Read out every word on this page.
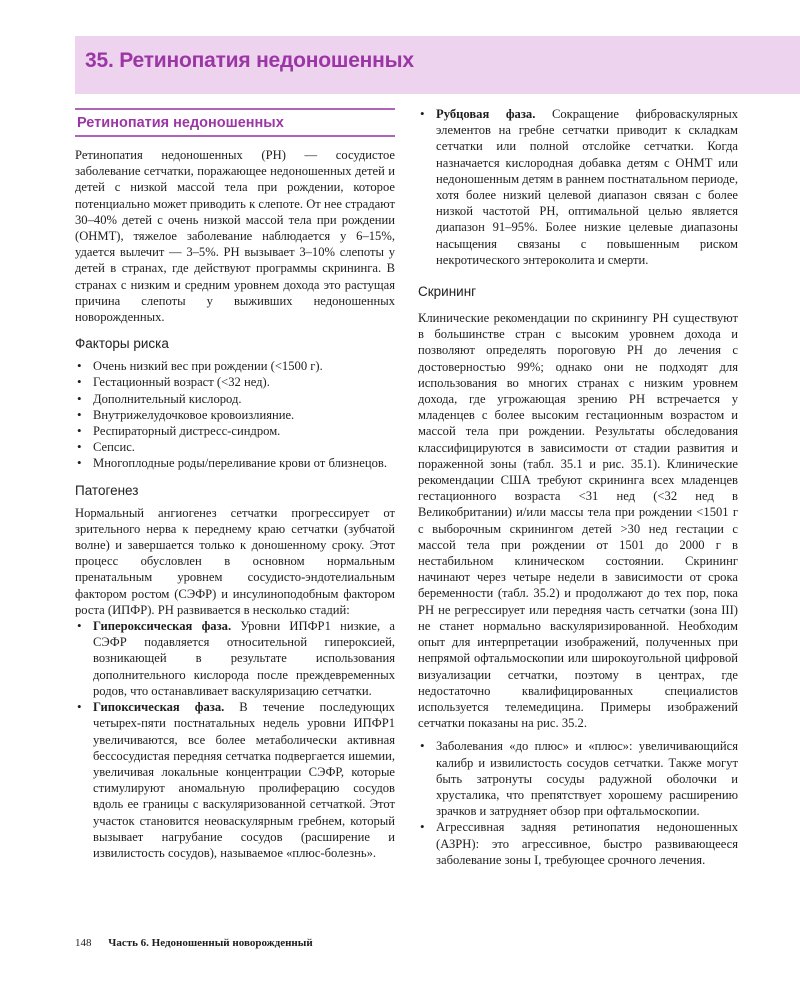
35. Ретинопатия недоношенных
Ретинопатия недоношенных

Ретинопатия недоношенных (РН) — сосудистое заболевание сетчатки, поражающее недоношенных детей и детей с низкой массой тела при рождении, которое потенциально может приводить к слепоте. От нее страдают 30–40% детей с очень низкой массой тела при рождении (ОНМТ), тяжелое заболевание наблюдается у 6–15%, удается вылечит — 3–5%. РН вызывает 3–10% слепоты у детей в странах, где действуют программы скрининга. В странах с низким и средним уровнем дохода это растущая причина слепоты у выживших недоношенных новорожденных.

Факторы риска
• Очень низкий вес при рождении (<1500 г).
• Гестационный возраст (<32 нед).
• Дополнительный кислород.
• Внутрижелудочковое кровоизлияние.
• Респираторный дистресс-синдром.
• Сепсис.
• Многоплодные роды/переливание крови от близнецов.
Патогенез

Нормальный ангиогенез сетчатки прогрессирует от зрительного нерва к переднему краю сетчатки (зубчатой волне) и завершается только к доношенному сроку. Этот процесс обусловлен в основном нормальным пренатальным уровнем сосудисто-эндотелиальным фактором ростом (СЭФР) и инсулиноподобным фактором роста (ИПФР). РН развивается в несколько стадий:

• Гипероксическая фаза. Уровни ИПФР1 низкие, а СЭФР подавляется относительной гипероксией, возникающей в результате использования дополнительного кислорода после преждевременных родов, что останавливает васкуляризацию сетчатки.
• Гипоксическая фаза. В течение последующих четырех-пяти постнатальных недель уровни ИПФР1 увеличиваются, все более метаболически активная бессосудистая передняя сетчатка подвергается ишемии, увеличивая локальные концентрации СЭФР, которые стимулируют аномальную пролиферацию сосудов вдоль ее границы с васкуляризованной сетчаткой. Этот участок становится неоваскулярным гребнем, который вызывает нагрубание сосудов (расширение и извилистость сосудов), называемое «плюс-болезнь».
• Рубцовая фаза. Сокращение фиброваскулярных элементов на гребне сетчатки приводит к складкам сетчатки или полной отслойке сетчатки. Когда назначается кислородная добавка детям с ОНМТ или недоношенным детям в раннем постнатальном периоде, хотя более низкий целевой диапазон связан с более низкой частотой РН, оптимальной целью является диапазон 91–95%. Более низкие целевые диапазоны насыщения связаны с повышенным риском некротического энтероколита и смерти.
Скрининг

Клинические рекомендации по скринингу РН существуют в большинстве стран с высоким уровнем дохода и позволяют определять пороговую РН до лечения с достоверностью 99%; однако они не подходят для использования во многих странах с низким уровнем дохода, где угрожающая зрению РН встречается у младенцев с более высоким гестационным возрастом и массой тела при рождении. Результаты обследования классифицируются в зависимости от стадии развития и пораженной зоны (табл. 35.1 и рис. 35.1). Клинические рекомендации США требуют скрининга всех младенцев гестационного возраста <31 нед (<32 нед в Великобритании) и/или массы тела при рождении <1501 г с выборочным скринингом детей >30 нед гестации с массой тела при рождении от 1501 до 2000 г в нестабильном клиническом состоянии. Скрининг начинают через четыре недели в зависимости от срока беременности (табл. 35.2) и продолжают до тех пор, пока РН не регрессирует или передняя часть сетчатки (зона III) не станет нормально васкуляризированной. Необходим опыт для интерпретации изображений, полученных при непрямой офтальмоскопии или широкоугольной цифровой визуализации сетчатки, поэтому в центрах, где недостаточно квалифицированных специалистов используется телемедицина. Примеры изображений сетчатки показаны на рис. 35.2.

• Заболевания «до плюс» и «плюс»: увеличивающийся калибр и извилистость сосудов сетчатки. Также могут быть затронуты сосуды радужной оболочки и хрусталика, что препятствует хорошему расширению зрачков и затрудняет обзор при офтальмоскопии.
• Агрессивная задняя ретинопатия недоношенных (АЗРН): это агрессивное, быстро развивающееся заболевание зоны I, требующее срочного лечения.
148 Часть 6. Недоношенный новорожденный
